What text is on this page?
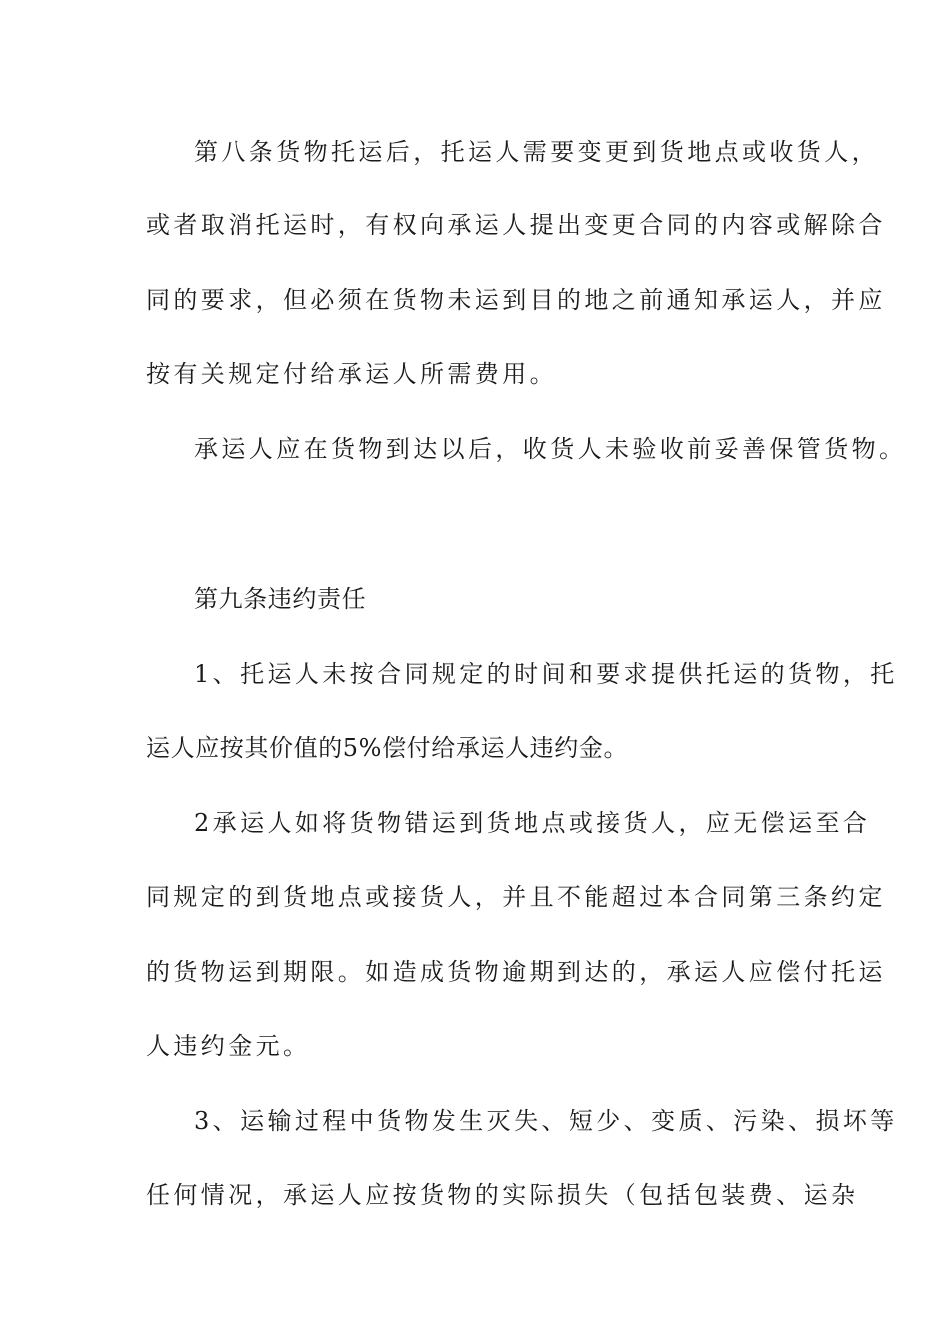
第八条货物托运后，托运人需要变更到货地点或收货人，
或者取消托运时，有权向承运人提出变更合同的内容或解除合
同的要求，但必须在货物未运到目的地之前通知承运人，并应
按有关规定付给承运人所需费用。
承运人应在货物到达以后，收货人未验收前妥善保管货物。
第九条违约责任
1、托运人未按合同规定的时间和要求提供托运的货物，托
运人应按其价值的5%偿付给承运人违约金。
2承运人如将货物错运到货地点或接货人，应无偿运至合
同规定的到货地点或接货人，并且不能超过本合同第三条约定
的货物运到期限。如造成货物逾期到达的，承运人应偿付托运
人违约金元。
3、运输过程中货物发生灭失、短少、变质、污染、损坏等
任何情况，承运人应按货物的实际损失（包括包装费、运杂
